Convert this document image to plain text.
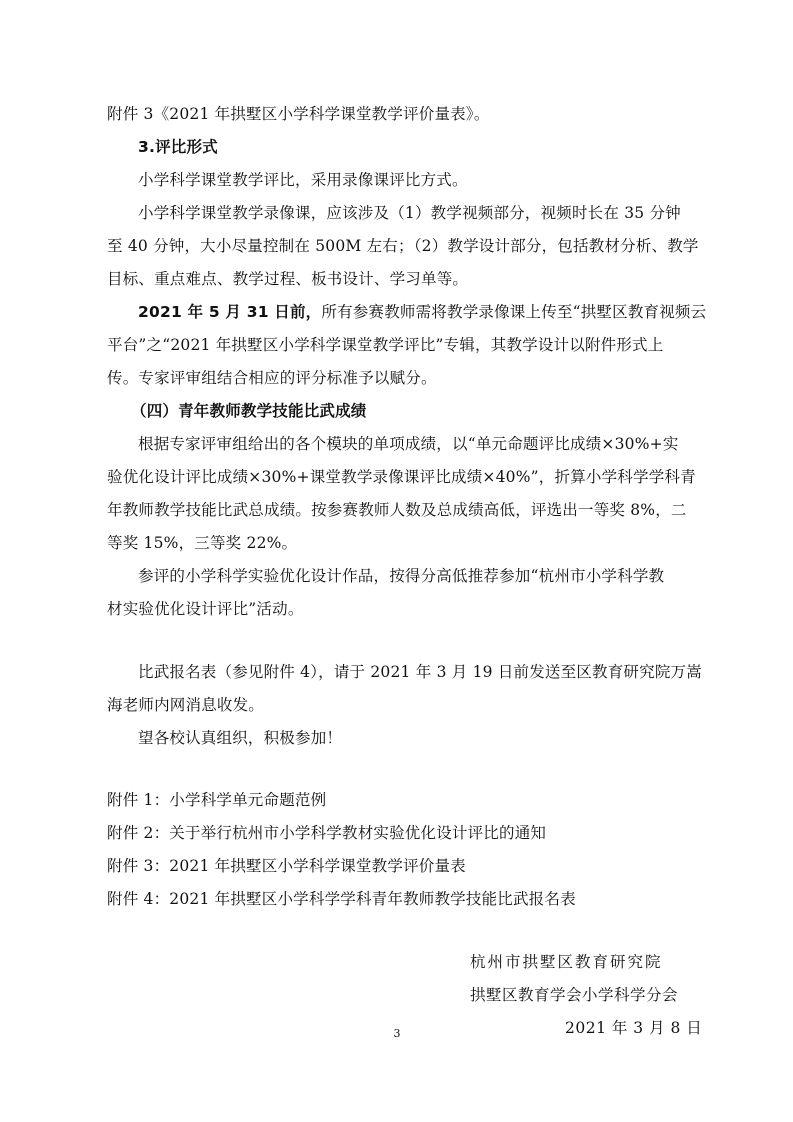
附件 3《2021 年拱墅区小学科学课堂教学评价量表》。
3.评比形式
小学科学课堂教学评比，采用录像课评比方式。
小学科学课堂教学录像课，应该涉及（1）教学视频部分，视频时长在 35 分钟
至 40 分钟，大小尽量控制在 500M 左右；（2）教学设计部分，包括教材分析、教学
目标、重点难点、教学过程、板书设计、学习单等。
2021 年 5 月 31 日前，所有参赛教师需将教学录像课上传至“拱墅区教育视频云
平台”之“2021 年拱墅区小学科学课堂教学评比”专辑，其教学设计以附件形式上
传。专家评审组结合相应的评分标准予以赋分。
（四）青年教师教学技能比武成绩
根据专家评审组给出的各个模块的单项成绩，以“单元命题评比成绩×30%+实
验优化设计评比成绩×30%+课堂教学录像课评比成绩×40%”，折算小学科学学科青
年教师教学技能比武总成绩。按参赛教师人数及总成绩高低，评选出一等奖 8%，二
等奖 15%，三等奖 22%。
参评的小学科学实验优化设计作品，按得分高低推荐参加“杭州市小学科学教
材实验优化设计评比”活动。
比武报名表（参见附件 4），请于 2021 年 3 月 19 日前发送至区教育研究院万嵩
海老师内网消息收发。
望各校认真组织，积极参加！
附件 1：小学科学单元命题范例
附件 2：关于举行杭州市小学科学教材实验优化设计评比的通知
附件 3：2021 年拱墅区小学科学课堂教学评价量表
附件 4：2021 年拱墅区小学科学学科青年教师教学技能比武报名表
杭州市拱墅区教育研究院
拱墅区教育学会小学科学分会
2021 年 3 月 8 日
3
